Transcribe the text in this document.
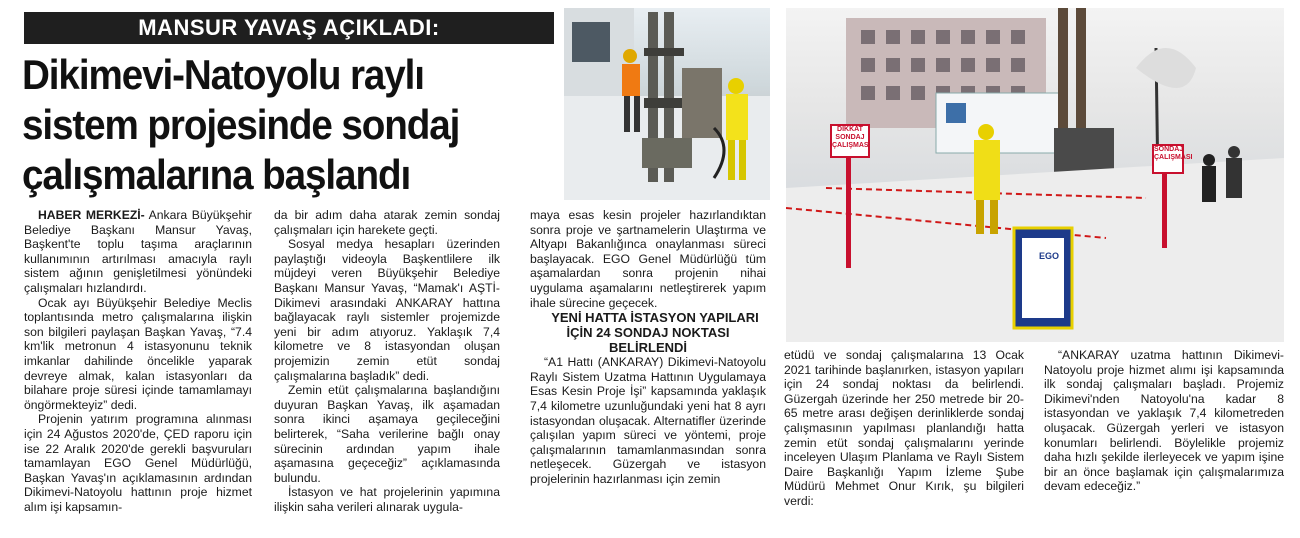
MANSUR YAVAŞ AÇIKLADI:
Dikimevi-Natoyolu raylı
sistem projesinde sondaj
çalışmalarına başlandı
DİKKAT SONDAJ ÇALIŞMASI
SONDAJ ÇALIŞMASI
EGO

HABER MERKEZİ- Ankara Büyükşehir Belediye Başkanı Mansur Yavaş, Başkent'te toplu taşıma araçlarının kullanımının artırılması amacıyla raylı sistem ağının genişletilmesi yönündeki çalışmaları hızlandırdı.

Ocak ayı Büyükşehir Belediye Meclis toplantısında metro çalışmalarına ilişkin son bilgileri paylaşan Başkan Yavaş, “7.4 km'lik metronun 4 istasyonunu teknik imkanlar dahilinde öncelikle yaparak devreye almak, kalan istasyonları da bilahare proje süresi içinde tamamlamayı öngörmekteyiz” dedi.

Projenin yatırım programına alınması için 24 Ağustos 2020'de, ÇED raporu için ise 22 Aralık 2020'de gerekli başvuruları tamamlayan EGO Genel Müdürlüğü, Başkan Yavaş'ın açıklamasının ardından Dikimevi-Natoyolu hattının proje hizmet alım işi kapsamın-

da bir adım daha atarak zemin sondaj çalışmaları için harekete geçti.

Sosyal medya hesapları üzerinden paylaştığı videoyla Başkentlilere ilk müjdeyi veren Büyükşehir Belediye Başkanı Mansur Yavaş, “Mamak'ı AŞTİ-Dikimevi arasındaki ANKARAY hattına bağlayacak raylı sistemler projemizde yeni bir adım atıyoruz. Yaklaşık 7,4 kilometre ve 8 istasyondan oluşan projemizin zemin etüt sondaj çalışmalarına başladık” dedi.

Zemin etüt çalışmalarına başlandığını duyuran Başkan Yavaş, ilk aşamadan sonra ikinci aşamaya geçileceğini belirterek, “Saha verilerine bağlı onay sürecinin ardından yapım ihale aşamasına geçeceğiz” açıklamasında bulundu.

İstasyon ve hat projelerinin yapımına ilişkin saha verileri alınarak uygula-

maya esas kesin projeler hazırlandıktan sonra proje ve şartnamelerin Ulaştırma ve Altyapı Bakanlığınca onaylanması süreci başlayacak. EGO Genel Müdürlüğü tüm aşamalardan sonra projenin nihai uygulama aşamalarını netleştirerek yapım ihale sürecine geçecek.

YENİ HATTA İSTASYON YAPILARI İÇİN 24 SONDAJ NOKTASI BELİRLENDİ

“A1 Hattı (ANKARAY) Dikimevi-Natoyolu Raylı Sistem Uzatma Hattının Uygulamaya Esas Kesin Proje İşi” kapsamında yaklaşık 7,4 kilometre uzunluğundaki yeni hat 8 ayrı istasyondan oluşacak. Alternatifler üzerinde çalışılan yapım süreci ve yöntemi, proje çalışmalarının tamamlanmasından sonra netleşecek. Güzergah ve istasyon projelerinin hazırlanması için zemin

etüdü ve sondaj çalışmalarına 13 Ocak 2021 tarihinde başlanırken, istasyon yapıları için 24 sondaj noktası da belirlendi. Güzergah üzerinde her 250 metrede bir 20-65 metre arası değişen derinliklerde sondaj çalışmasının yapılması planlandığı hatta zemin etüt sondaj çalışmalarını yerinde inceleyen Ulaşım Planlama ve Raylı Sistem Daire Başkanlığı Yapım İzleme Şube Müdürü Mehmet Onur Kırık, şu bilgileri verdi:

“ANKARAY uzatma hattının Dikimevi-Natoyolu proje hizmet alımı işi kapsamında ilk sondaj çalışmaları başladı. Projemiz Dikimevi'nden Natoyolu'na kadar 8 istasyondan ve yaklaşık 7,4 kilometreden oluşacak. Güzergah yerleri ve istasyon konumları belirlendi. Böylelikle projemiz daha hızlı şekilde ilerleyecek ve yapım işine bir an önce başlamak için çalışmalarımıza devam edeceğiz.”
